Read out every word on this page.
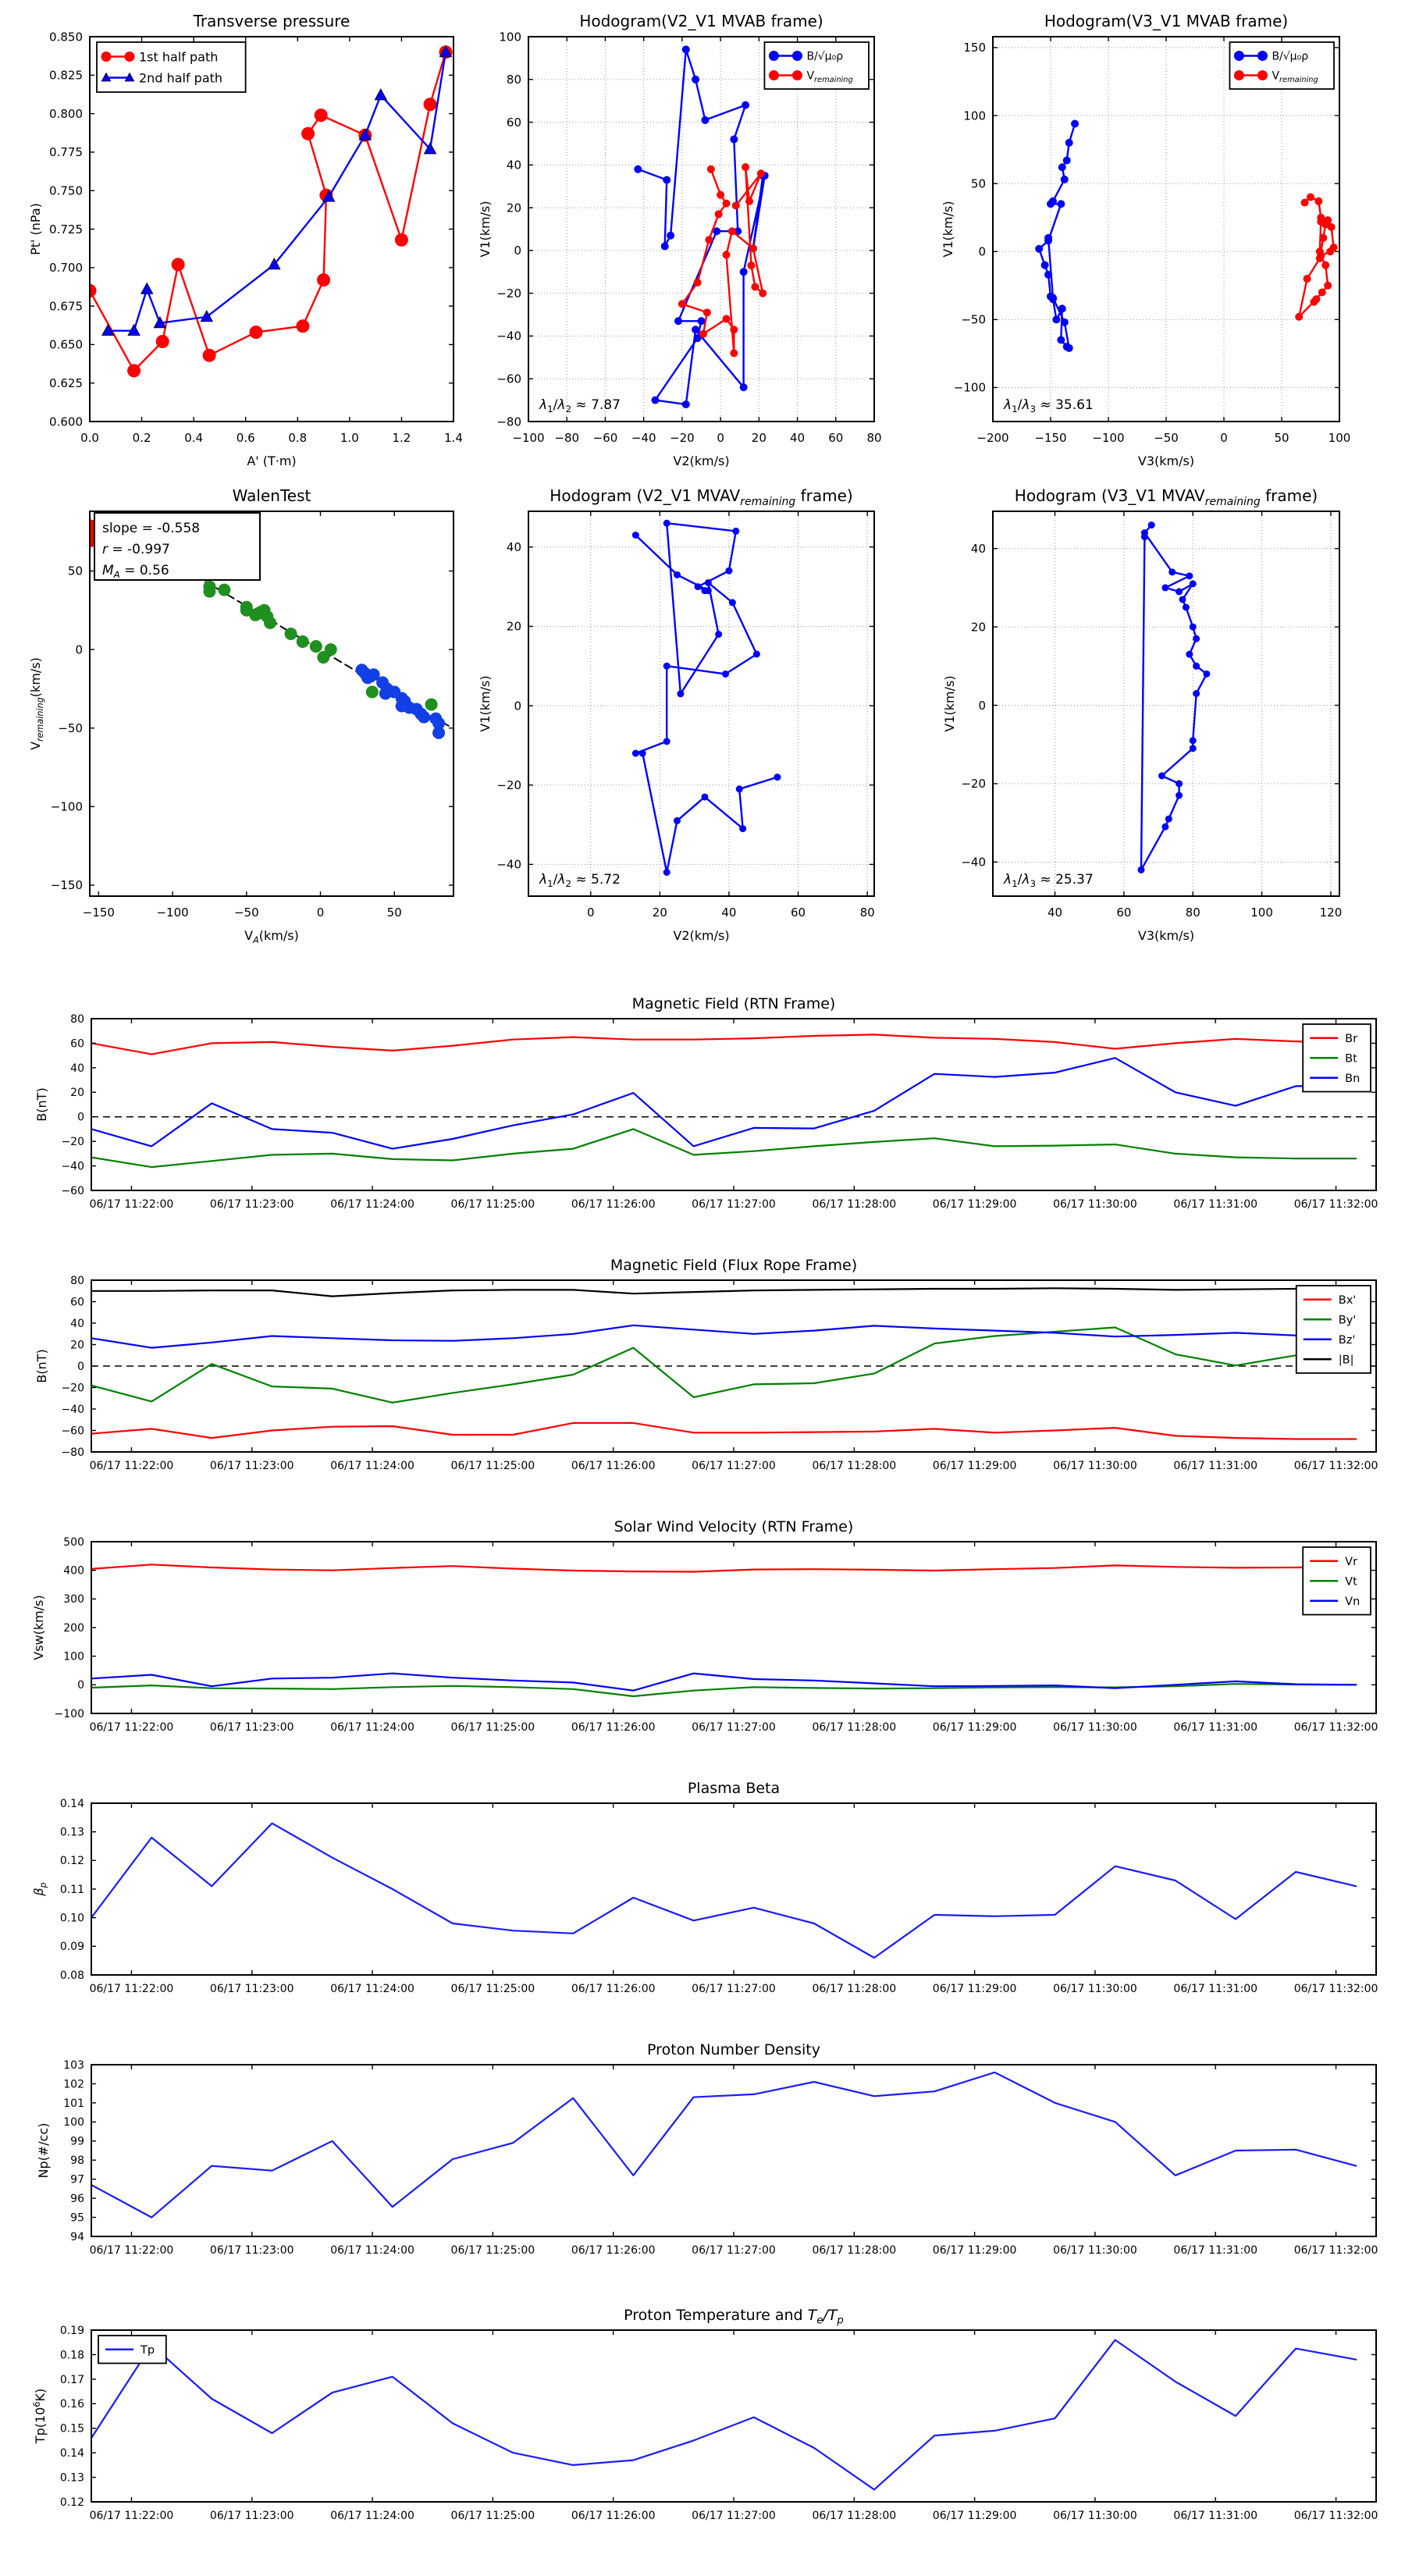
0.0	0.2	0.4	0.6	0.8	1.0	1.2	1.4
0.600
0.625
0.650
0.675
0.700
0.725
0.750
0.775
0.800
0.825
0.850
A' (T·m)
Pt' (nPa)
Transverse pressure
1st half path
2nd half path
−100 −80 −60 −40 −20 0 20 40 60 80
−80
−60
−40
−20
0
20
40
60
80
100
V2(km/s)
V1(km/s)
Hodogram(V2_V1 MVAB frame)
$\lambda_1/\lambda_2 \approx 7.87$
B/√μ₀ρ
$V_{remaining}$
−200 −150 −100	−50	0	50	100
−100
−50
0
50
100
150
V3(km/s)
V1(km/s)
Hodogram(V3_V1 MVAB frame)
$\lambda_1/\lambda_3 \approx 35.61$
B/√μ₀ρ
$V_{remaining}$
−150	−100	−50	0	50
−150
−100
−50
0
50
$V_A(km/s)$
$V_{remaining}(km/s)$
WalenTest
slope = -0.558
r = -0.997
$M_A = 0.56$
0	20	40	60	80
−40
−20
0
20
40
V2(km/s)
V1(km/s)
Hodogram (V2_V1 $MVAV_{remaining}$ frame)
$\lambda_1/\lambda_2 \approx 5.72$
40	60	80	100	120
−40
−20
0
20
40
V3(km/s)
V1(km/s)
Hodogram (V3_V1 $MVAV_{remaining}$ frame)
$\lambda_1/\lambda_3 \approx 25.37$
06/17 11:22:00	06/17 11:23:00	06/17 11:24:00	06/17 11:25:00	06/17 11:26:00	06/17 11:27:00	06/17 11:28:00	06/17 11:29:00	06/17 11:30:00	06/17 11:31:00	06/17 11:32:00
80
60
40
20
0
−20
−40
−60
B(nT)
Magnetic Field (RTN Frame)
Br
Bt
Bn
06/17 11:22:00	06/17 11:23:00	06/17 11:24:00	06/17 11:25:00	06/17 11:26:00	06/17 11:27:00	06/17 11:28:00	06/17 11:29:00	06/17 11:30:00	06/17 11:31:00	06/17 11:32:00
80
60
40
20
0
−20
−40
−60
−80
B(nT)
Magnetic Field (Flux Rope Frame)
Bx'
By'
Bz'
|B|
06/17 11:22:00	06/17 11:23:00	06/17 11:24:00	06/17 11:25:00	06/17 11:26:00	06/17 11:27:00	06/17 11:28:00	06/17 11:29:00	06/17 11:30:00	06/17 11:31:00	06/17 11:32:00
500
400
300
200
100
0
−100
Vsw(km/s)
Solar Wind Velocity (RTN Frame)
Vr
Vt
Vn
06/17 11:22:00	06/17 11:23:00	06/17 11:24:00	06/17 11:25:00	06/17 11:26:00	06/17 11:27:00	06/17 11:28:00	06/17 11:29:00	06/17 11:30:00	06/17 11:31:00	06/17 11:32:00
0.14
0.13
0.12
0.11
0.10
0.09
0.08
$\beta_p$
Plasma Beta
06/17 11:22:00	06/17 11:23:00	06/17 11:24:00	06/17 11:25:00	06/17 11:26:00	06/17 11:27:00	06/17 11:28:00	06/17 11:29:00	06/17 11:30:00	06/17 11:31:00	06/17 11:32:00
103
102
101
100
99
98
97
96
95
94
Np(#/cc)
Proton Number Density
06/17 11:22:00	06/17 11:23:00	06/17 11:24:00	06/17 11:25:00	06/17 11:26:00	06/17 11:27:00	06/17 11:28:00	06/17 11:29:00	06/17 11:30:00	06/17 11:31:00	06/17 11:32:00
0.19
0.18
0.17
0.16
0.15
0.14
0.13
0.12
$Tp(10^6K)$
Proton Temperature and $T_e/T_p$
Tp
